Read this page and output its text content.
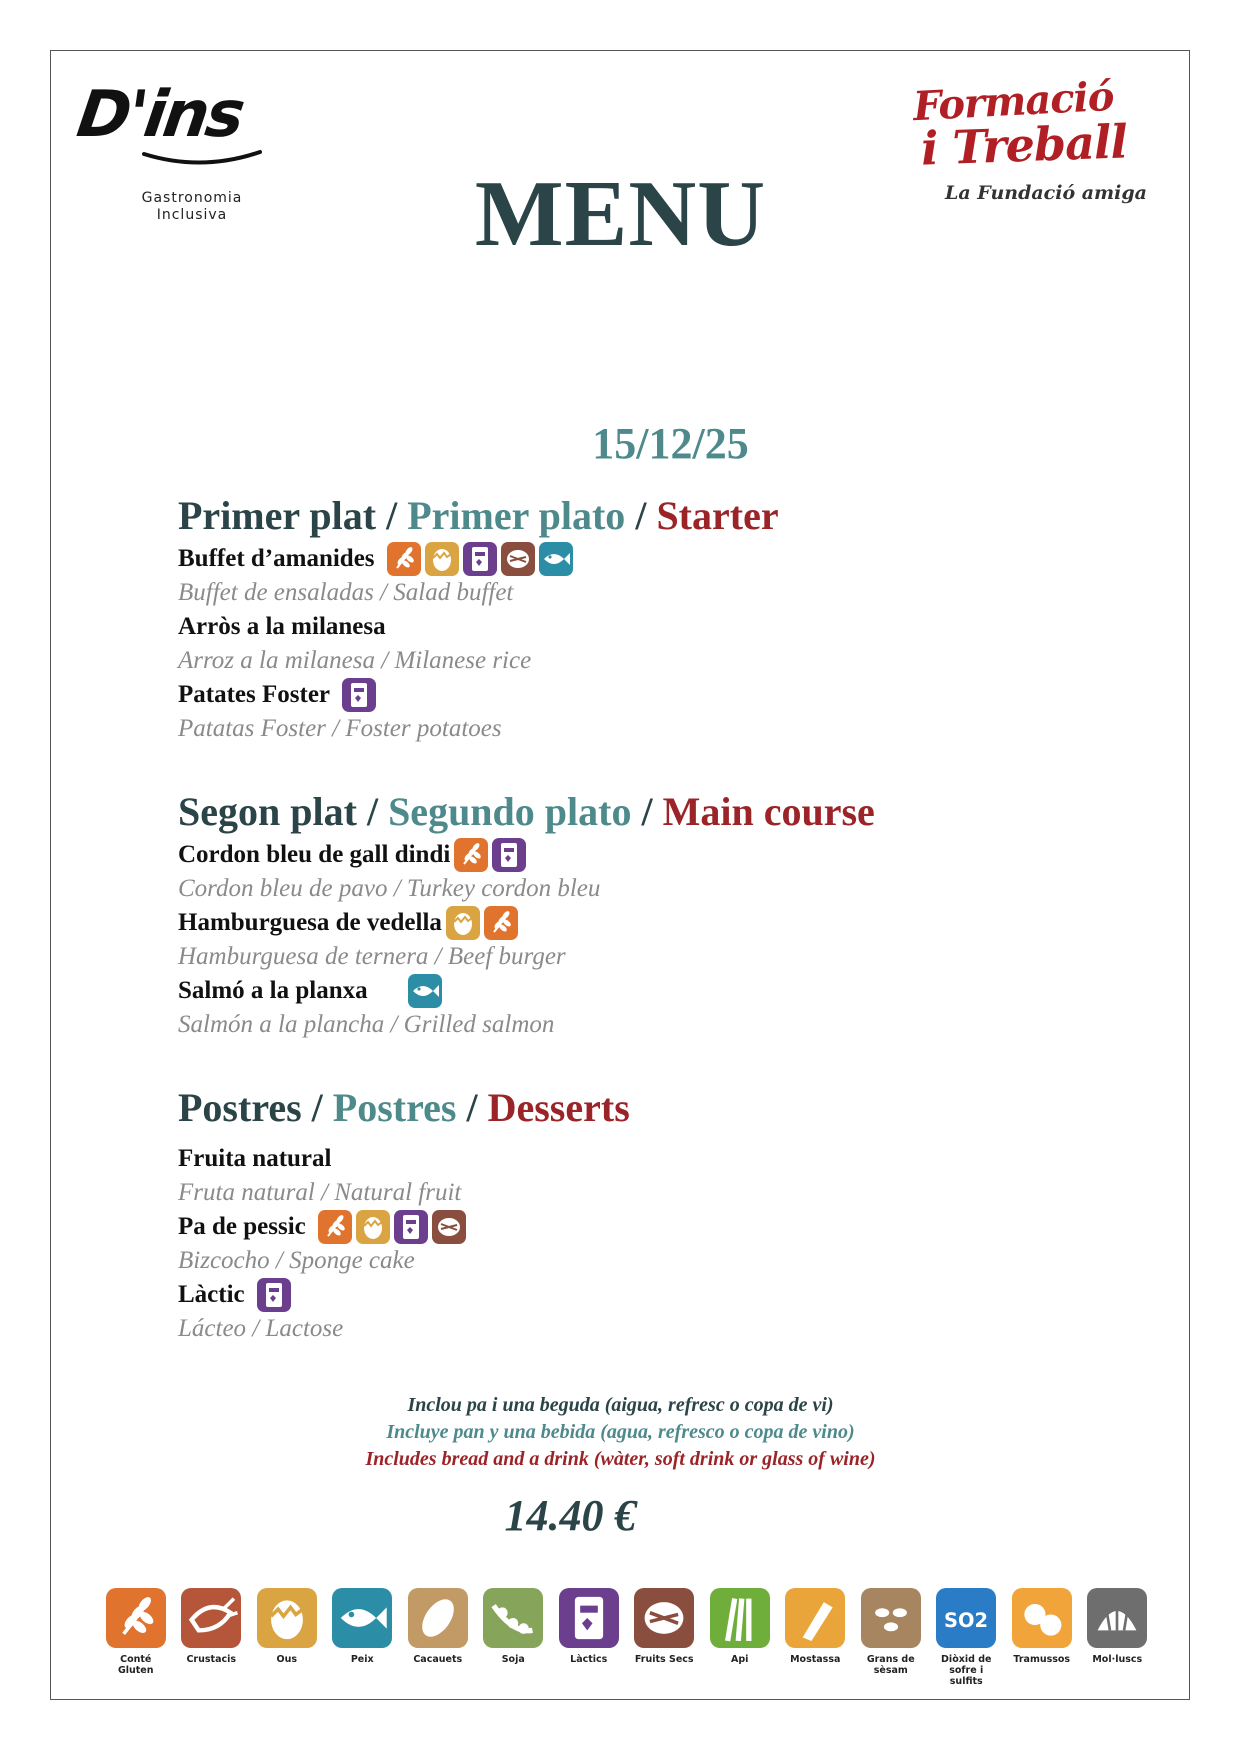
D'ins
Gastronomia
Inclusiva
Formació
i Treball
La Fundació amiga
MENU
15/12/25
Primer plat / Primer plato / Starter
Buffet d’amanides
Buffet de ensaladas / Salad buffet
Arròs a la milanesa
Arroz a la milanesa / Milanese rice
Patates Foster
Patatas Foster / Foster potatoes
Segon plat / Segundo plato / Main course
Cordon bleu de gall dindi
Cordon bleu de pavo / Turkey cordon bleu
Hamburguesa de vedella
Hamburguesa de ternera / Beef burger
Salmó a la planxa
Salmón a la plancha / Grilled salmon
Postres / Postres / Desserts
Fruita natural
Fruta natural / Natural fruit
Pa de pessic
Bizcocho / Sponge cake
Làctic
Lácteo / Lactose
Inclou pa i una beguda (aigua, refresc o copa de vi)
Incluye pan y una bebida (agua, refresco o copa de vino)
Includes bread and a drink (wàter, soft drink or glass of wine)
14.40 €
Conté Gluten
Crustacis	Ous	Peix	Cacauets	Soja	Làctics	Fruits Secs	Api	Mostassa	Grans de sèsam
SO2
Diòxid de sofre i sulfits
Tramussos	Mol·luscs
